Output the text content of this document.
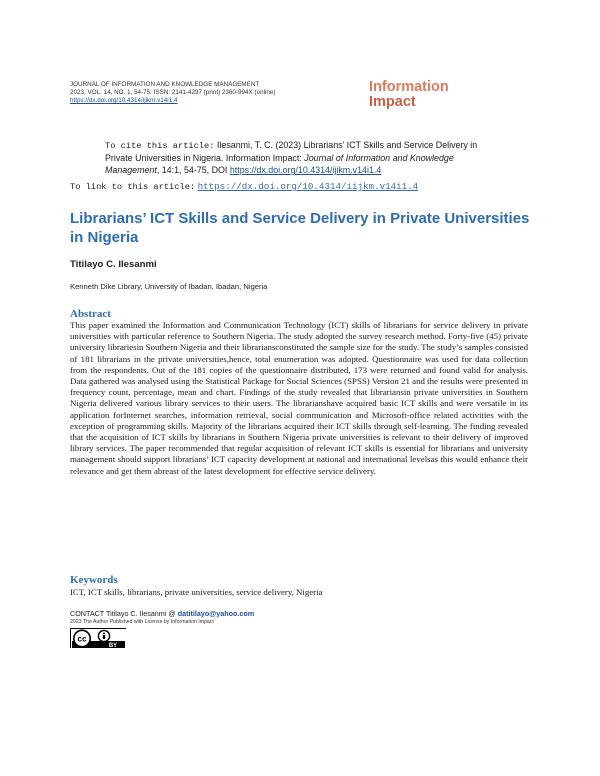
JOURNAL OF INFORMATION AND KNOWLEDGE MANAGEMENT
2023, VOL. 14, NO. 1, 54-75: ISSN: 2141-4297 (print) 2360-994X (online)
https://dx.doi.org/10.4314/ijikm.v14i1.4
Information
Impact
To cite this article: Ilesanmi, T. C. (2023) Librarians’ ICT Skills and Service Delivery in Private Universities in Nigeria. Information Impact: Journal of Information and Knowledge Management, 14:1, 54-75, DOI https://dx.doi.org/10.4314/ijikm.v14i1.4
To link to this article: https://dx.doi.org/10.4314/iijkm.v14i1.4
Librarians’ ICT Skills and Service Delivery in Private Universities in Nigeria
Titilayo C. Ilesanmi
Kenneth Dike Library, University of Ibadan, Ibadan, Nigeria
Abstract
This paper examined the Information and Communication Technology (ICT) skills of librarians for service delivery in private universities with particular reference to Southern Nigeria. The study adopted the survey research method. Forty-five (45) private university librariesin Southern Nigeria and their librariansconstituted the sample size for the study. The study’s samples consisted of 181 librarians in the private universities,hence, total enumeration was adopted. Questionnaire was used for data collection from the respondents. Out of the 181 copies of the questionnaire distributed, 173 were returned and found valid for analysis. Data gathered was analysed using the Statistical Package for Social Sciences (SPSS) Version 21 and the results were presented in frequency count, percentage, mean and chart. Findings of the study revealed that librariansin private universities in Southern Nigeria delivered various library services to their users. The librarianshave acquired basic ICT skills and were versatile in its application forInternet searches, information retrieval, social communication and Microsoft-office related activities with the exception of programming skills. Majority of the librarians acquired their ICT skills through self-learning. The finding revealed that the acquisition of ICT skills by librarians in Southern Nigeria private universities is relevant to their delivery of improved library services. The paper recommended that regular acquisition of relevant ICT skills is essential for librarians and university management should support librarians’ ICT capacity development at national and international levelsas this would enhance their relevance and get them abreast of the latest development for effective service delivery.
Keywords
ICT, ICT skills, librarians, private universities, service delivery, Nigeria
CONTACT Titilayo C. Ilesanmi @ datitilayo@yahoo.com
2023 The Author Published with License by Information Impact
cc
BY
